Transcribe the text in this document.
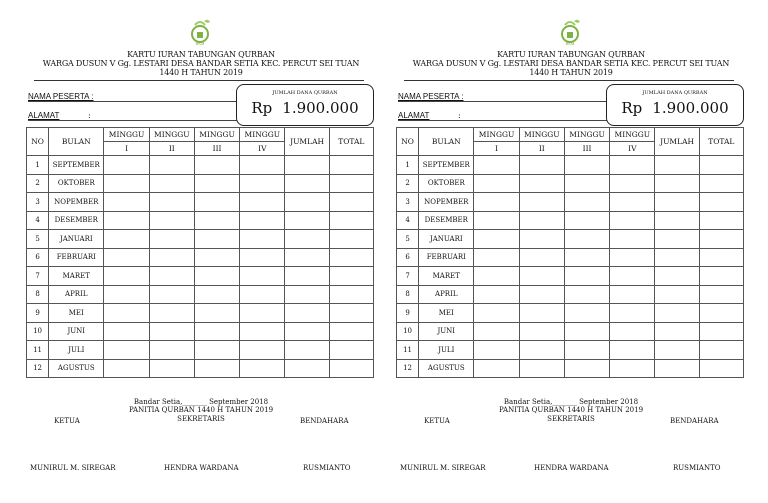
BKM
KARTU IURAN TABUNGAN QURBAN
WARGA DUSUN V Gg. LESTARI DESA BANDAR SETIA KEC. PERCUT SEI TUAN
1440 H TAHUN 2019
NAMA PESERTA :
ALAMAT	:
JUMLAH DANA QURBAN
Rp 1.900.000
NO	BULAN	MINGGU	MINGGU	MINGGU	MINGGU	JUMLAH	TOTAL
		I	II	III	IV		
1	SEPTEMBER						
2	OKTOBER						
3	NOPEMBER						
4	DESEMBER						
5	JANUARI						
6	FEBRUARI						
7	MARET						
8	APRIL						
9	MEI						
10	JUNI						
11	JULI						
12	AGUSTUS						
Bandar Setia,_______ September 2018
PANITIA QURBAN 1440 H TAHUN 2019
SEKRETARIS
KETUA	BENDAHARA
MUNIRUL M. SIREGAR	HENDRA WARDANA	RUSMIANTO
BKM
KARTU IURAN TABUNGAN QURBAN
WARGA DUSUN V Gg. LESTARI DESA BANDAR SETIA KEC. PERCUT SEI TUAN
1440 H TAHUN 2019
NAMA PESERTA :
ALAMAT	:
JUMLAH DANA QURBAN
Rp 1.900.000
NO	BULAN	MINGGU	MINGGU	MINGGU	MINGGU	JUMLAH	TOTAL
		I	II	III	IV		
1	SEPTEMBER						
2	OKTOBER						
3	NOPEMBER						
4	DESEMBER						
5	JANUARI						
6	FEBRUARI						
7	MARET						
8	APRIL						
9	MEI						
10	JUNI						
11	JULI						
12	AGUSTUS						
Bandar Setia,_______ September 2018
PANITIA QURBAN 1440 H TAHUN 2019
SEKRETARIS
KETUA	BENDAHARA
MUNIRUL M. SIREGAR	HENDRA WARDANA	RUSMIANTO
